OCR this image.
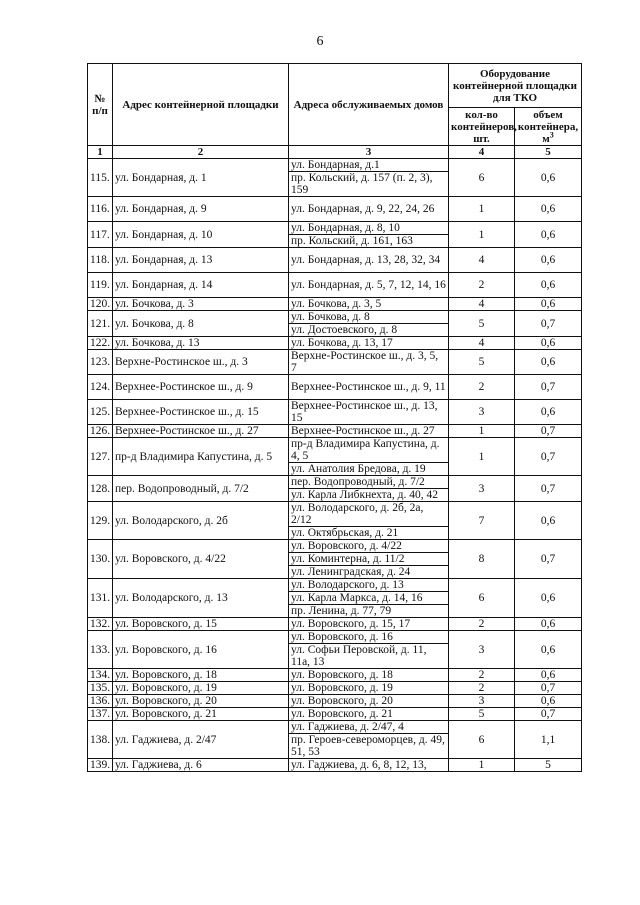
6
№ п/п	Адрес контейнерной площадки	Адреса обслуживаемых домов	Оборудование контейнерной площадки для ТКО	
			кол-во контейнеров, шт.	объем контейнера, $м^3$
1	2	3	4	5
115.	ул. Бондарная, д. 1	ул. Бондарная, д.1	6	0,6
		пр. Кольский, д. 157 (п. 2, 3), 159		
116.	ул. Бондарная, д. 9	ул. Бондарная, д. 9, 22, 24, 26	1	0,6
117.	ул. Бондарная, д. 10	ул. Бондарная, д. 8, 10	1	0,6
		пр. Кольский, д. 161, 163		
118.	ул. Бондарная, д. 13	ул. Бондарная, д. 13, 28, 32, 34	4	0,6
119.	ул. Бондарная, д. 14	ул. Бондарная, д. 5, 7, 12, 14, 16	2	0,6
120.	ул. Бочкова, д. 3	ул. Бочкова, д. 3, 5	4	0,6
121.	ул. Бочкова, д. 8	ул. Бочкова, д. 8	5	0,7
		ул. Достоевского, д. 8		
122.	ул. Бочкова, д. 13	ул. Бочкова, д. 13, 17	4	0,6
123.	Верхне-Ростинское ш., д. 3	Верхне-Ростинское ш., д. 3, 5, 7	5	0,6
124.	Верхнее-Ростинское ш., д. 9	Верхнее-Ростинское ш., д. 9, 11	2	0,7
125.	Верхнее-Ростинское ш., д. 15	Верхнее-Ростинское ш., д. 13, 15	3	0,6
126.	Верхнее-Ростинское ш., д. 27	Верхнее-Ростинское ш., д. 27	1	0,7
127.	пр-д Владимира Капустина, д. 5	пр-д Владимира Капустина, д. 4, 5	1	0,7
		ул. Анатолия Бредова, д. 19		
128.	пер. Водопроводный, д. 7/2	пер. Водопроводный, д. 7/2	3	0,7
		ул. Карла Либкнехта, д. 40, 42		
129.	ул. Володарского, д. 2б	ул. Володарского, д. 2б, 2а, 2/12	7	0,6
		ул. Октябрьская, д. 21		
130.	ул. Воровского, д. 4/22	ул. Воровского, д. 4/22	8	0,7
		ул. Коминтерна, д. 11/2		
		ул. Ленинградская, д. 24		
131.	ул. Володарского, д. 13	ул. Володарского, д. 13	6	0,6
		ул. Карла Маркса, д. 14, 16		
		пр. Ленина, д. 77, 79		
132.	ул. Воровского, д. 15	ул. Воровского, д. 15, 17	2	0,6
133.	ул. Воровского, д. 16	ул. Воровского, д. 16	3	0,6
		ул. Софьи Перовской, д. 11, 11а, 13		
134.	ул. Воровского, д. 18	ул. Воровского, д. 18	2	0,6
135.	ул. Воровского, д. 19	ул. Воровского, д. 19	2	0,7
136.	ул. Воровского, д. 20	ул. Воровского, д. 20	3	0,6
137.	ул. Воровского, д. 21	ул. Воровского, д. 21	5	0,7
138.	ул. Гаджиева, д. 2/47	ул. Гаджиева, д. 2/47, 4	6	1,1
		пр. Героев-североморцев, д. 49, 51, 53		
139.	ул. Гаджиева, д. 6	ул. Гаджиева, д. 6, 8, 12, 13,	1	5
